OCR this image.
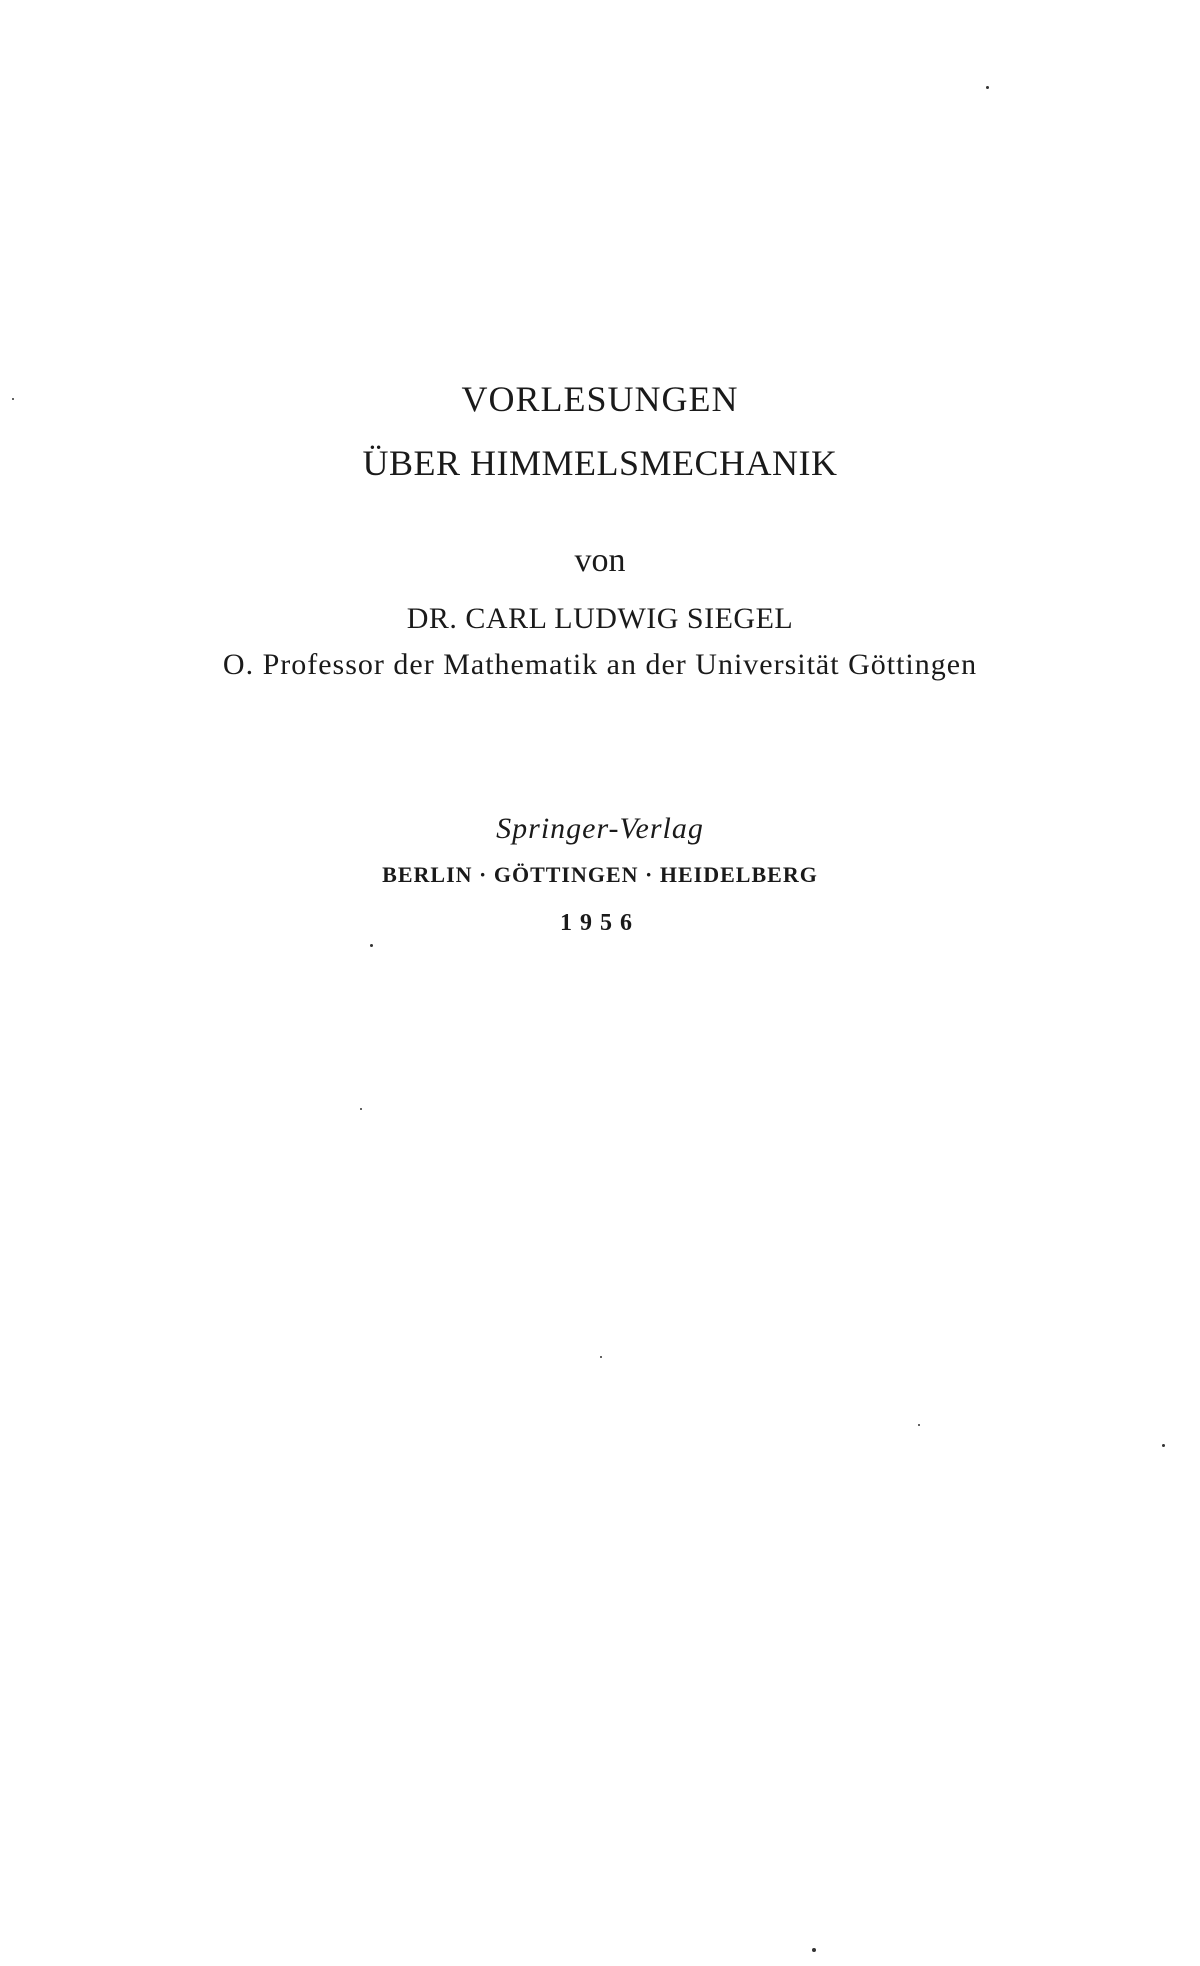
VORLESUNGEN
ÜBER HIMMELSMECHANIK
von
DR. CARL LUDWIG SIEGEL
O. Professor der Mathematik an der Universität Göttingen
Springer-Verlag
BERLIN · GÖTTINGEN · HEIDELBERG
1956
